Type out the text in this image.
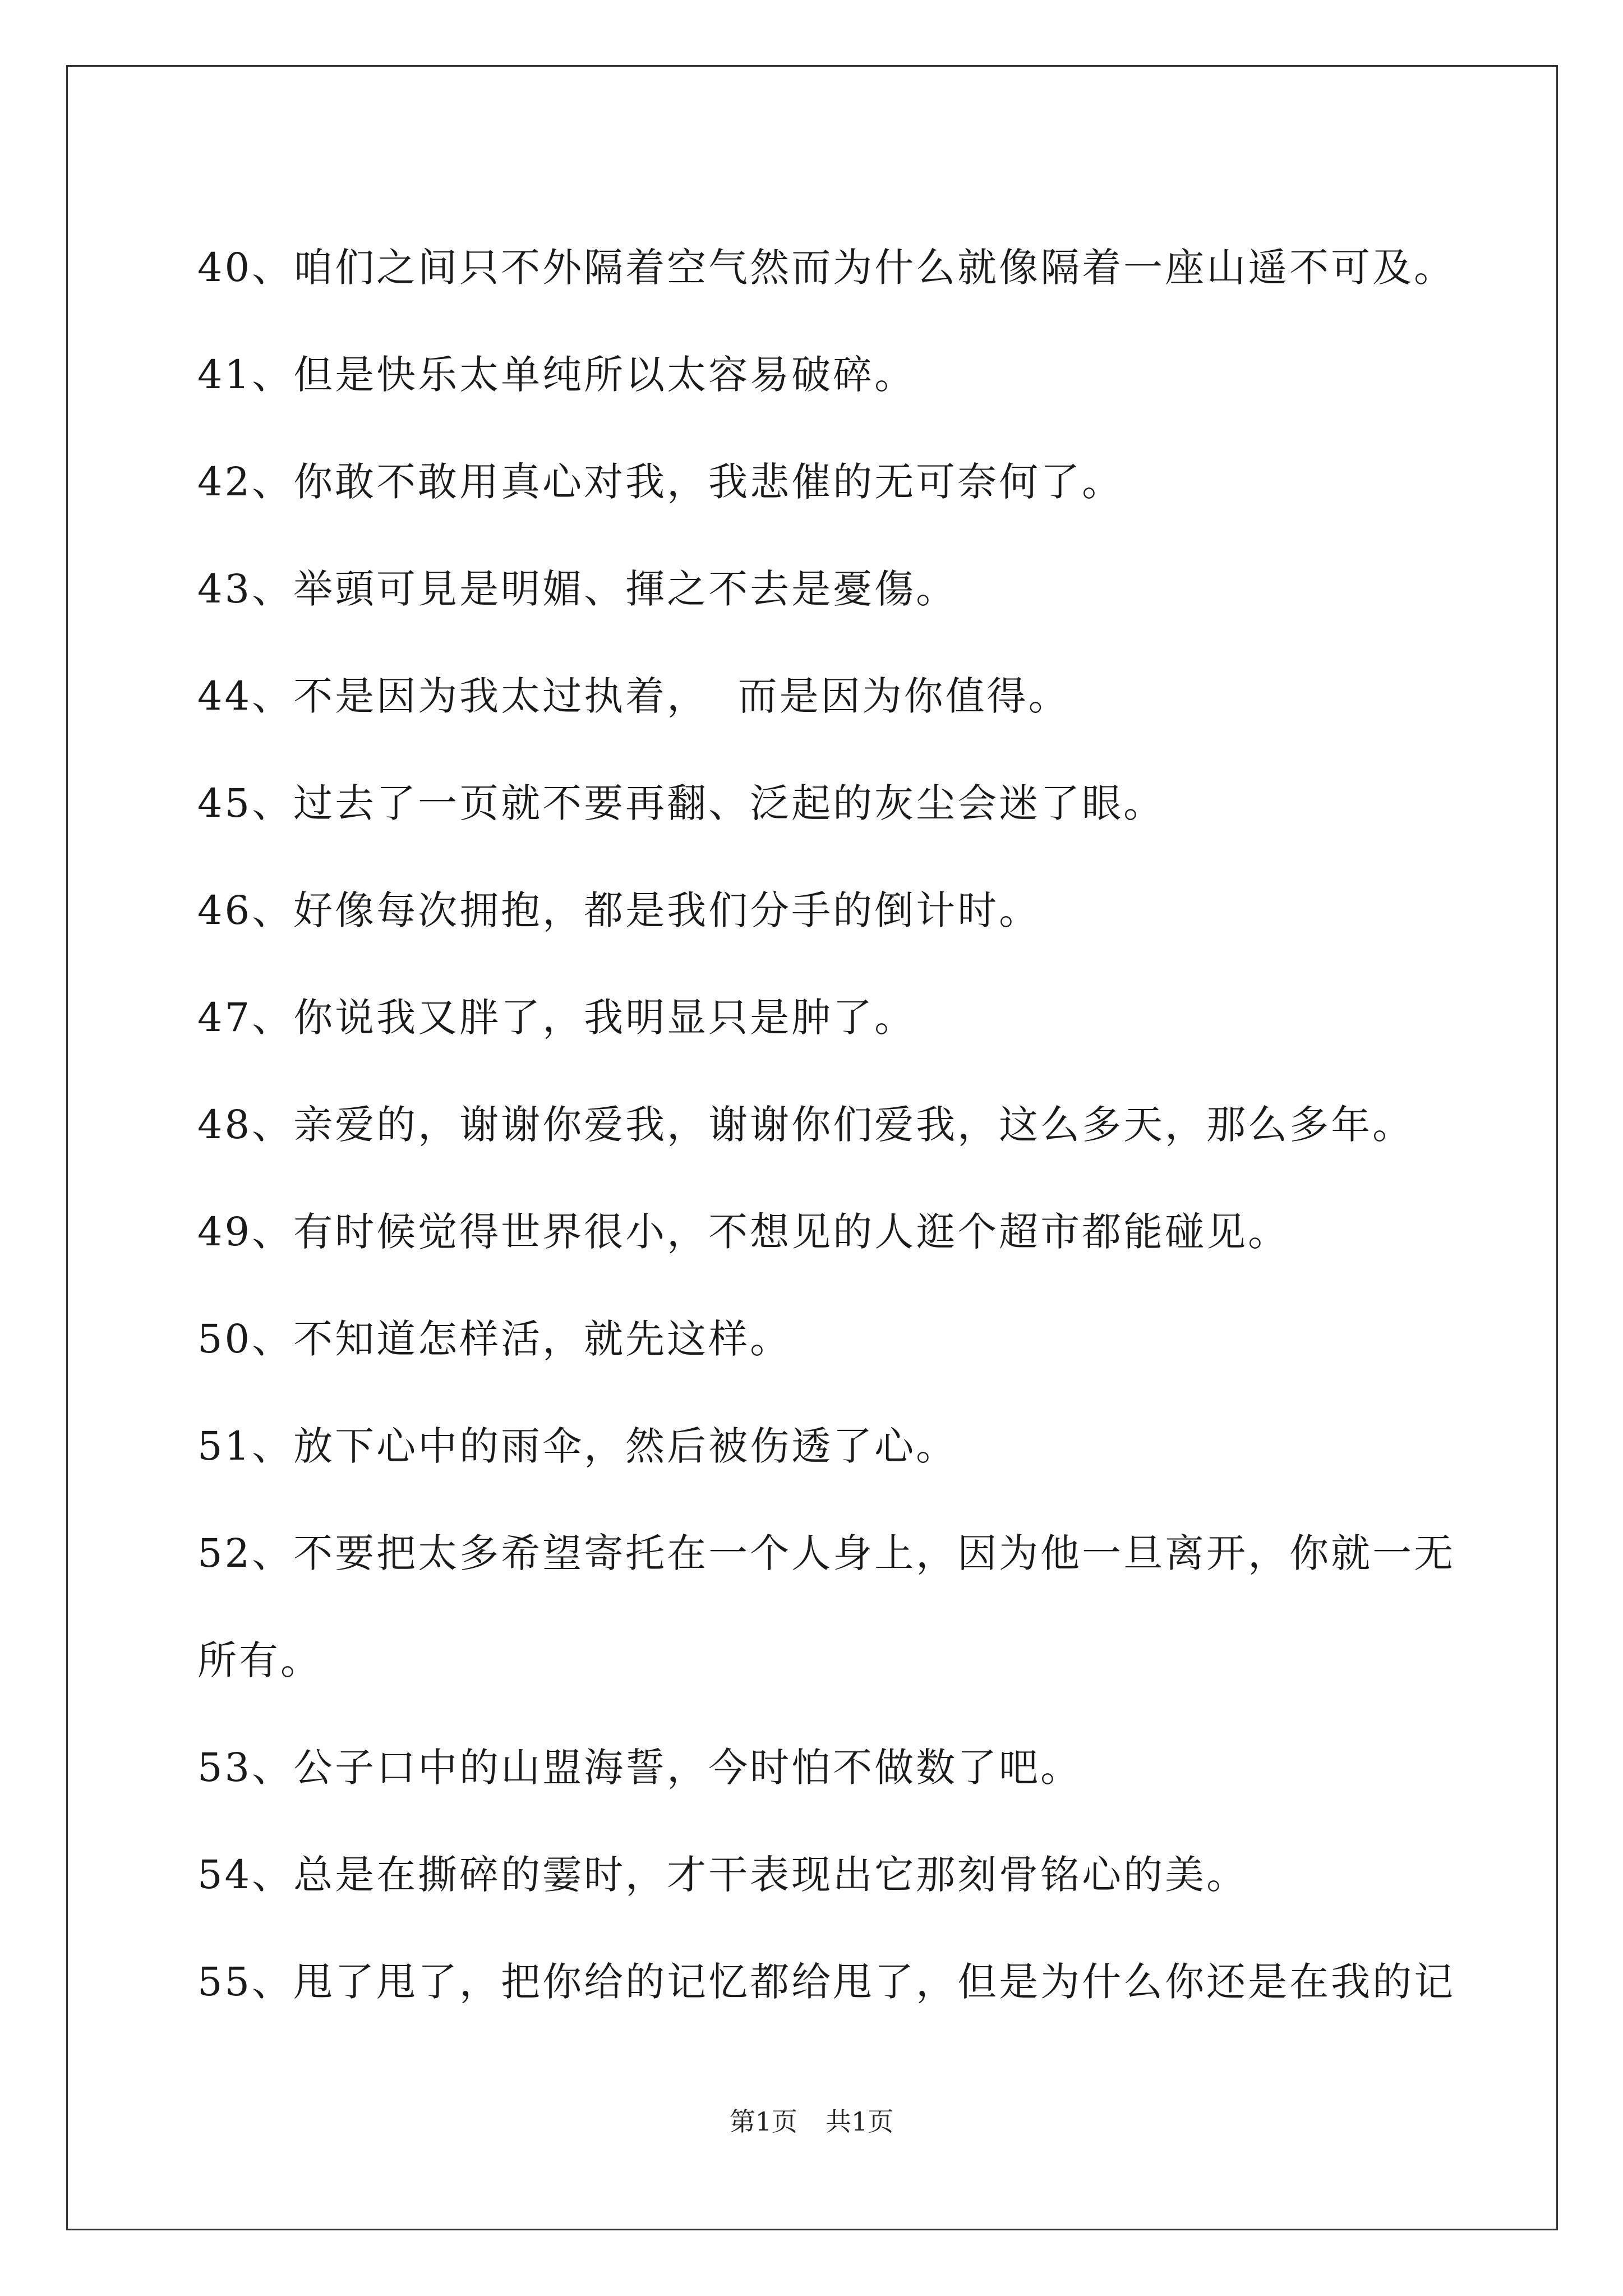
40、咱们之间只不外隔着空气然而为什么就像隔着一座山遥不可及。
41、但是快乐太单纯所以太容易破碎。
42、你敢不敢用真心对我，我悲催的无可奈何了。
43、举頭可見是明媚、揮之不去是憂傷。
44、不是因为我太过执着，  而是因为你值得。
45、过去了一页就不要再翻、泛起的灰尘会迷了眼。
46、好像每次拥抱，都是我们分手的倒计时。
47、你说我又胖了，我明显只是肿了。
48、亲爱的，谢谢你爱我，谢谢你们爱我，这么多天，那么多年。
49、有时候觉得世界很小，不想见的人逛个超市都能碰见。
50、不知道怎样活，就先这样。
51、放下心中的雨伞，然后被伤透了心。
52、不要把太多希望寄托在一个人身上，因为他一旦离开，你就一无
所有。
53、公子口中的山盟海誓，今时怕不做数了吧。
54、总是在撕碎的霎时，才干表现出它那刻骨铭心的美。
55、甩了甩了，把你给的记忆都给甩了，但是为什么你还是在我的记
第1页 共1页
